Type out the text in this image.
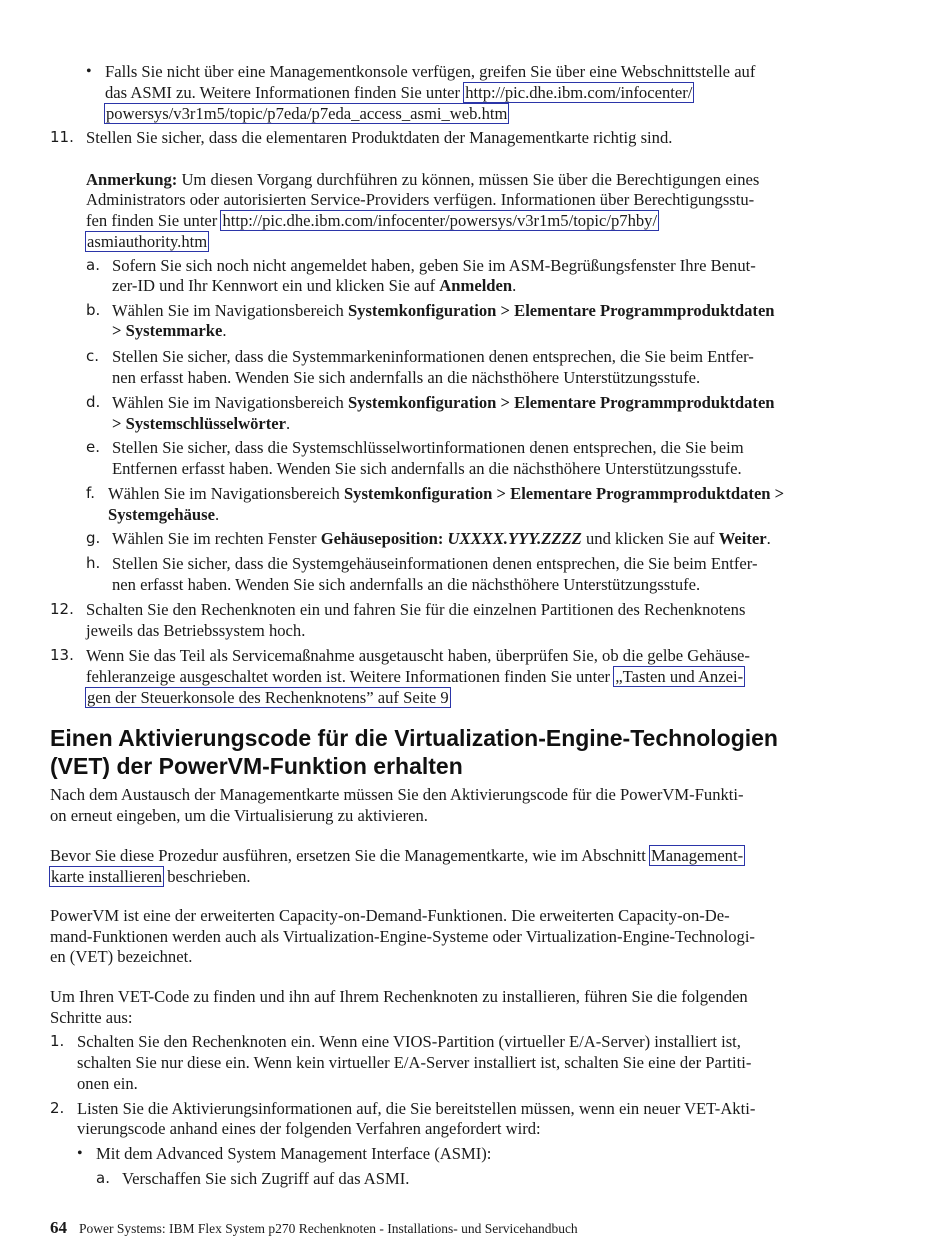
• Falls Sie nicht über eine Managementkonsole verfügen, greifen Sie über eine Webschnittstelle auf

das ASMI zu. Weitere Informationen finden Sie unter http://pic.dhe.ibm.com/infocenter/

powersys/v3r1m5/topic/p7eda/p7eda_access_asmi_web.htm

11. Stellen Sie sicher, dass die elementaren Produktdaten der Managementkarte richtig sind.

Anmerkung: Um diesen Vorgang durchführen zu können, müssen Sie über die Berechtigungen eines

Administrators oder autorisierten Service-Providers verfügen. Informationen über Berechtigungsstu-

fen finden Sie unter http://pic.dhe.ibm.com/infocenter/powersys/v3r1m5/topic/p7hby/

asmiauthority.htm

a. Sofern Sie sich noch nicht angemeldet haben, geben Sie im ASM-Begrüßungsfenster Ihre Benut-

zer-ID und Ihr Kennwort ein und klicken Sie auf Anmelden.

b. Wählen Sie im Navigationsbereich Systemkonfiguration > Elementare Programmproduktdaten

> Systemmarke.

c. Stellen Sie sicher, dass die Systemmarkeninformationen denen entsprechen, die Sie beim Entfer-

nen erfasst haben. Wenden Sie sich andernfalls an die nächsthöhere Unterstützungsstufe.

d. Wählen Sie im Navigationsbereich Systemkonfiguration > Elementare Programmproduktdaten

> Systemschlüsselwörter.

e. Stellen Sie sicher, dass die Systemschlüsselwortinformationen denen entsprechen, die Sie beim

Entfernen erfasst haben. Wenden Sie sich andernfalls an die nächsthöhere Unterstützungsstufe.

f. Wählen Sie im Navigationsbereich Systemkonfiguration > Elementare Programmproduktdaten >

Systemgehäuse.

g. Wählen Sie im rechten Fenster Gehäuseposition: UXXXX.YYY.ZZZZ und klicken Sie auf Weiter.

h. Stellen Sie sicher, dass die Systemgehäuseinformationen denen entsprechen, die Sie beim Entfer-

nen erfasst haben. Wenden Sie sich andernfalls an die nächsthöhere Unterstützungsstufe.

12. Schalten Sie den Rechenknoten ein und fahren Sie für die einzelnen Partitionen des Rechenknotens

jeweils das Betriebssystem hoch.

13. Wenn Sie das Teil als Servicemaßnahme ausgetauscht haben, überprüfen Sie, ob die gelbe Gehäuse-

fehleranzeige ausgeschaltet worden ist. Weitere Informationen finden Sie unter „Tasten und Anzei-

gen der Steuerkonsole des Rechenknotens” auf Seite 9

Einen Aktivierungscode für die Virtualization-Engine-Technologien
(VET) der PowerVM-Funktion erhalten

Nach dem Austausch der Managementkarte müssen Sie den Aktivierungscode für die PowerVM-Funkti-

on erneut eingeben, um die Virtualisierung zu aktivieren.

Bevor Sie diese Prozedur ausführen, ersetzen Sie die Managementkarte, wie im Abschnitt Management-

karte installieren beschrieben.

PowerVM ist eine der erweiterten Capacity-on-Demand-Funktionen. Die erweiterten Capacity-on-De-

mand-Funktionen werden auch als Virtualization-Engine-Systeme oder Virtualization-Engine-Technologi-

en (VET) bezeichnet.

Um Ihren VET-Code zu finden und ihn auf Ihrem Rechenknoten zu installieren, führen Sie die folgenden

Schritte aus:

1. Schalten Sie den Rechenknoten ein. Wenn eine VIOS-Partition (virtueller E/A-Server) installiert ist,

schalten Sie nur diese ein. Wenn kein virtueller E/A-Server installiert ist, schalten Sie eine der Partiti-

onen ein.

2. Listen Sie die Aktivierungsinformationen auf, die Sie bereitstellen müssen, wenn ein neuer VET-Akti-

vierungscode anhand eines der folgenden Verfahren angefordert wird:

• Mit dem Advanced System Management Interface (ASMI):

a. Verschaffen Sie sich Zugriff auf das ASMI.

64 Power Systems: IBM Flex System p270 Rechenknoten - Installations- und Servicehandbuch
